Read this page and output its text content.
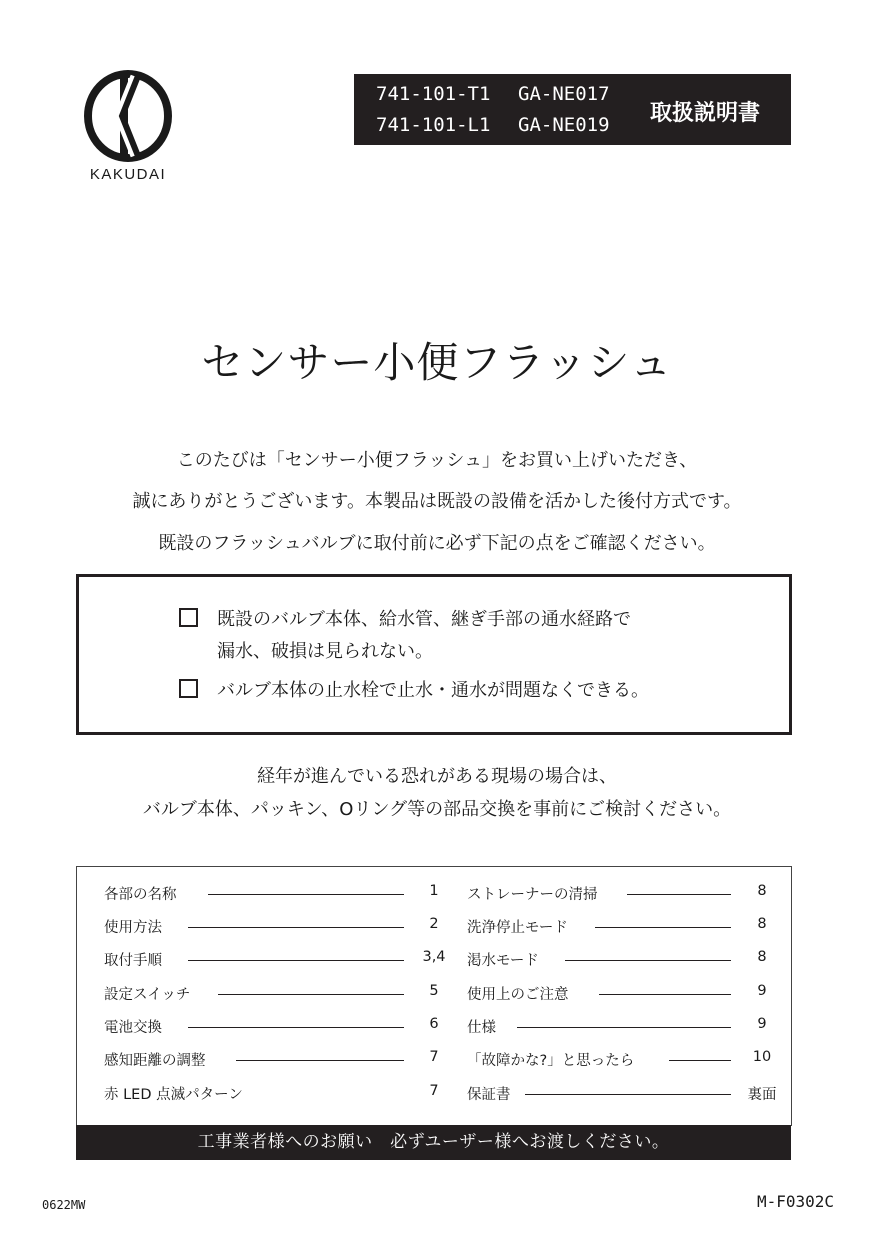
KAKUDAI
741-101-T1 GA-NE017
741-101-L1 GA-NE019 取扱説明書
センサー小便フラッシュ
このたびは「センサー小便フラッシュ」をお買い上げいただき、
誠にありがとうございます。本製品は既設の設備を活かした後付方式です。
既設のフラッシュバルブに取付前に必ず下記の点をご確認ください。
既設のバルブ本体、給水管、継ぎ手部の通水経路で
漏水、破損は見られない。
バルブ本体の止水栓で止水・通水が問題なくできる。
経年が進んでいる恐れがある現場の場合は、
バルブ本体、パッキン、Oリング等の部品交換を事前にご検討ください。
各部の名称	1
使用方法	2
取付手順	3,4
設定スイッチ	5
電池交換	6
感知距離の調整	7
赤 LED 点滅パターン	7
ストレーナーの清掃	8
洗浄停止モード	8
渇水モード	8
使用上のご注意	9
仕様	9
「故障かな?」と思ったら	10
保証書	裏面
工事業者様へのお願い　必ずユーザー様へお渡しください。
0622MW	M-F0302C
